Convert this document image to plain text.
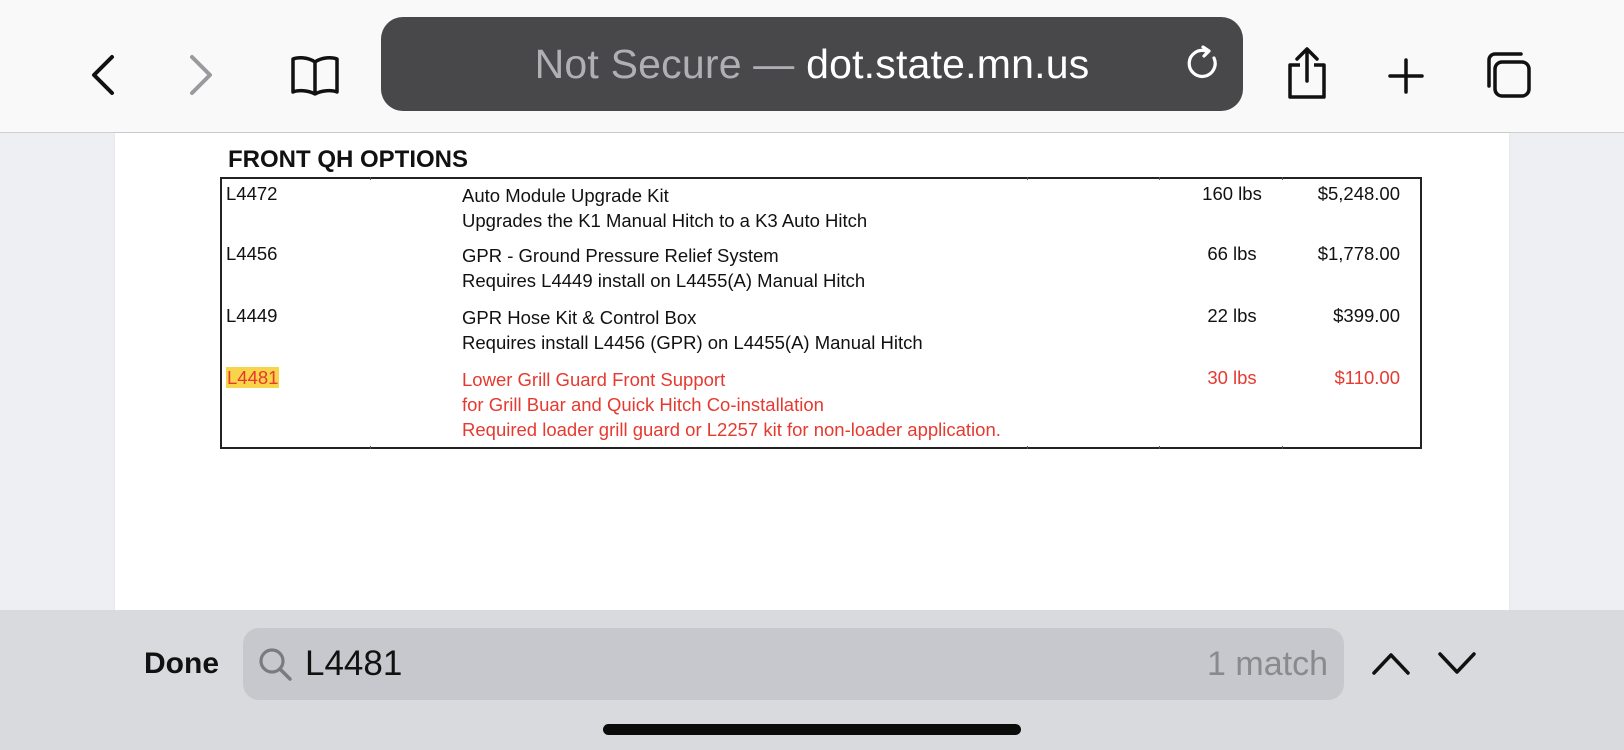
Not Secure — dot.state.mn.us
FRONT QH OPTIONS
L4472	Auto Module Upgrade Kit
Upgrades the K1 Manual Hitch to a K3 Auto Hitch
160 lbs	$5,248.00
L4456	GPR - Ground Pressure Relief System
Requires L4449 install on L4455(A) Manual Hitch
66 lbs	$1,778.00
L4449	GPR Hose Kit & Control Box
Requires install L4456 (GPR) on L4455(A) Manual Hitch
22 lbs	$399.00
L4481	Lower Grill Guard Front Support
for Grill Buar and Quick Hitch Co-installation
Required loader grill guard or L2257 kit for non-loader application.
30 lbs	$110.00
Done
L4481	1 match
